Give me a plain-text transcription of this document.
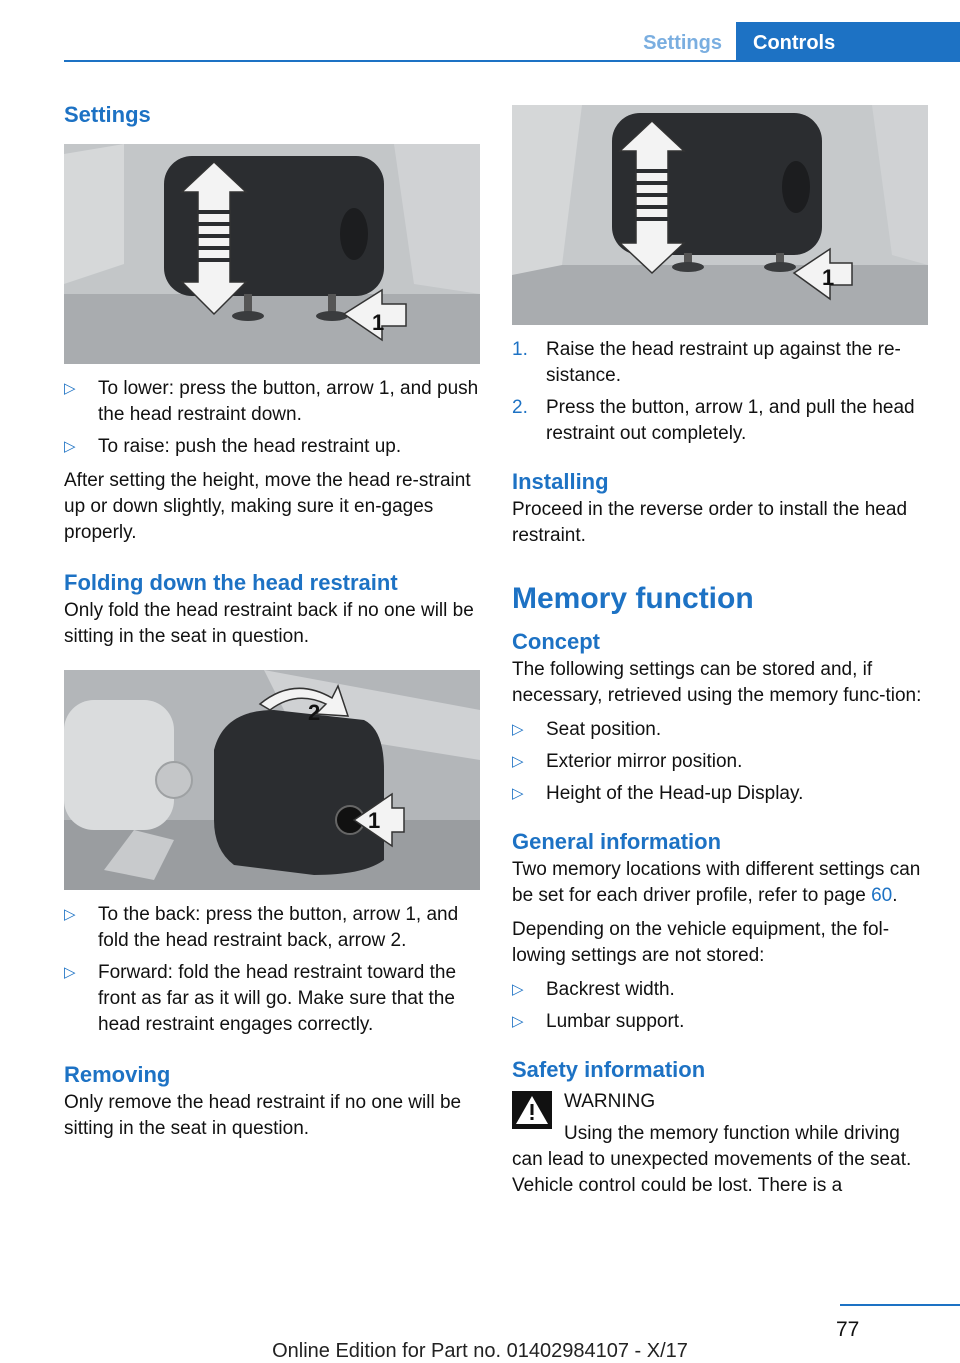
Settings	Controls
Settings
1
▷ To lower: press the button, arrow 1, and push the head restraint down.
▷ To raise: push the head restraint up.

After setting the height, move the head re-straint up or down slightly, making sure it en-gages properly.

Folding down the head restraint

Only fold the head restraint back if no one will be sitting in the seat in question.

2
1
▷ To the back: press the button, arrow 1, and fold the head restraint back, arrow 2.
▷ Forward: fold the head restraint toward the front as far as it will go. Make sure that the head restraint engages correctly.
Removing

Only remove the head restraint if no one will be sitting in the seat in question.

1
1. Raise the head restraint up against the re-sistance.
2. Press the button, arrow 1, and pull the head restraint out completely.
Installing

Proceed in the reverse order to install the head restraint.

Memory function
Concept

The following settings can be stored and, if necessary, retrieved using the memory func-tion:

▷ Seat position.
▷ Exterior mirror position.
▷ Height of the Head-up Display.
General information

Two memory locations with different settings can be set for each driver profile, refer to page 60.

Depending on the vehicle equipment, the fol-lowing settings are not stored:

▷ Backrest width.
▷ Lumbar support.
Safety information

WARNING

Using the memory function while driving can lead to unexpected movements of the seat. Vehicle control could be lost. There is a

77
Online Edition for Part no. 01402984107 - X/17
